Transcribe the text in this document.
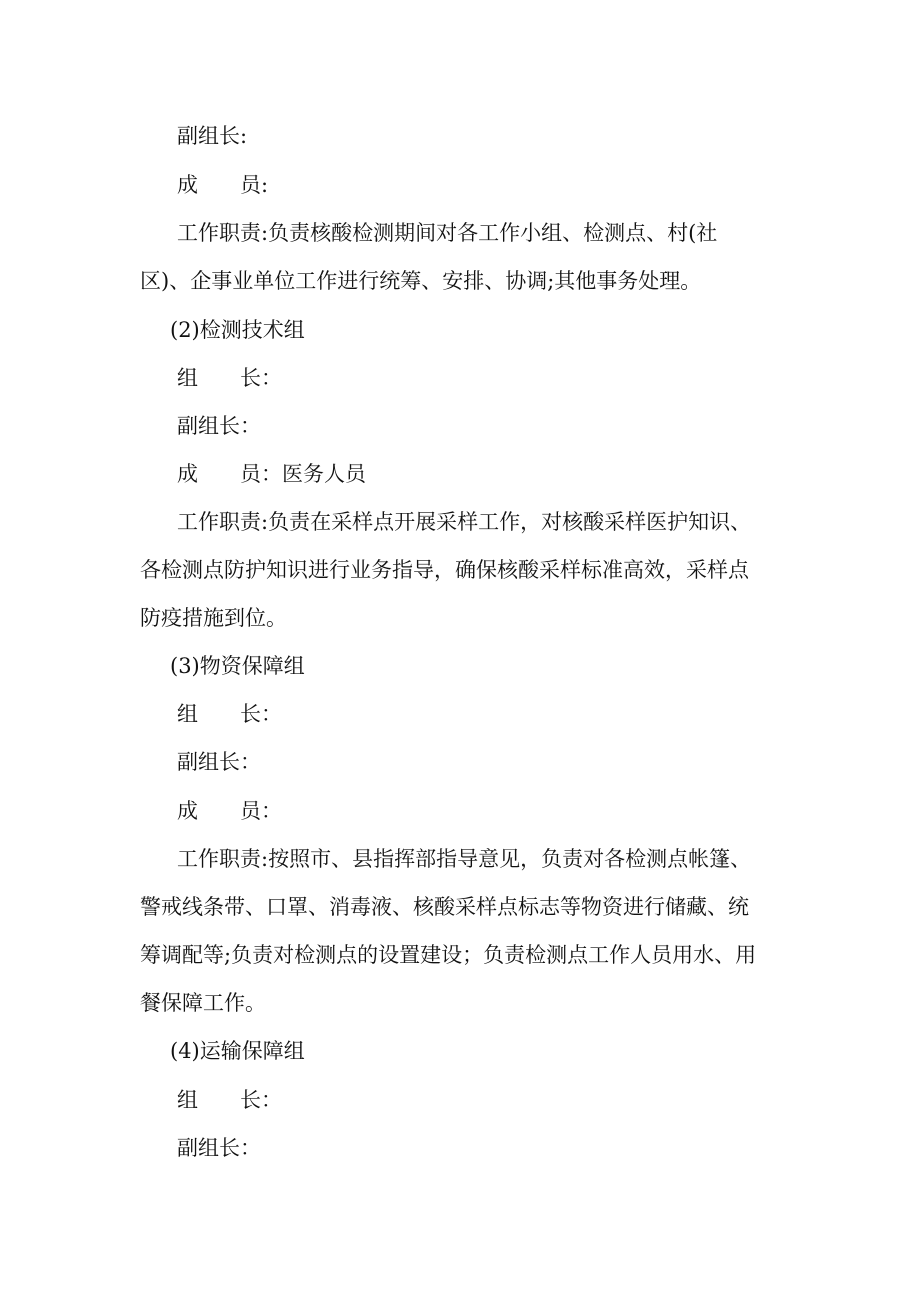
副组长:
成　　员:
工作职责:负责核酸检测期间对各工作小组、检测点、村(社
区)、企事业单位工作进行统筹、安排、协调;其他事务处理。
(2)检测技术组
组　　长：
副组长：
成　　员：医务人员
工作职责:负责在采样点开展采样工作，对核酸采样医护知识、
各检测点防护知识进行业务指导，确保核酸采样标准高效，采样点
防疫措施到位。
(3)物资保障组
组　　长：
副组长：
成　　员：
工作职责:按照市、县指挥部指导意见，负责对各检测点帐篷、
警戒线条带、口罩、消毒液、核酸采样点标志等物资进行储藏、统
筹调配等;负责对检测点的设置建设；负责检测点工作人员用水、用
餐保障工作。
(4)运输保障组
组　　长：
副组长：
